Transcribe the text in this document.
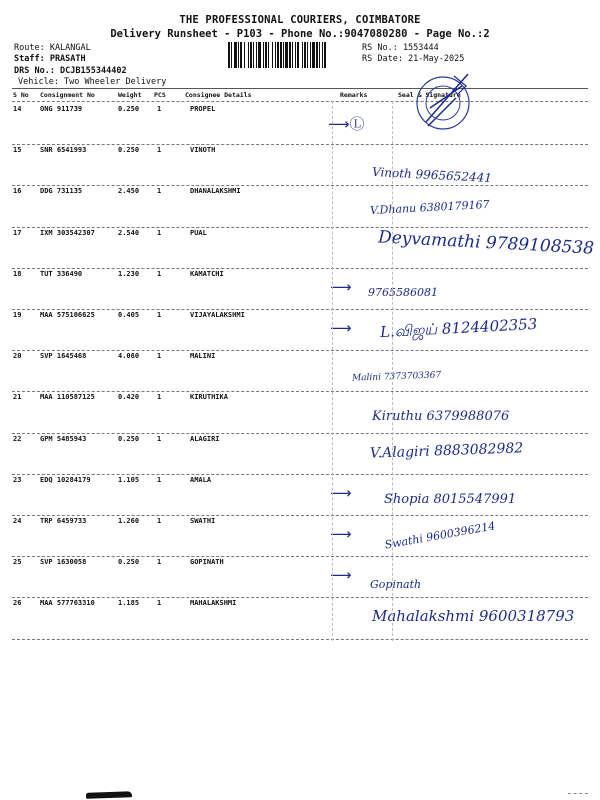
THE PROFESSIONAL COURIERS, COIMBATORE
Delivery Runsheet - P103 - Phone No.:9047080280 - Page No.:2
Route: KALANGAL
Staff: PRASATH
DRS No.: DCJB155344402
Vehicle: Two Wheeler Delivery
RS No.: 1553444
RS Date: 21-May-2025
S No Consignment No	Weight PCS	Consignee Details	Remarks	Seal & Signature
14	ONG 911739	0.250	1	PROPEL
⟶Ⓛ
15	SNR 6541993	0.250	1	VINOTH
Vinoth 9965652441
16	DDG 731135	2.450	1	DHANALAKSHMI
V.Dhanu 6380179167
17	IXM 303542307	2.540	1	PUAL	Deyvamathi 9789108538
18	TUT 336490	1.230	1	KAMATCHI
⟶ 9765586081
19	MAA 575106625	0.405	1	VIJAYALAKSHMI
⟶ L.விஜய் 8124402353
20	SVP 1645468	4.060	1	MALINI
Malini 7373703367
21	MAA 110587125	0.420	1	KIRUTHIKA
Kiruthu 6379988076
22	GPM 5485943	0.250	1	ALAGIRI
V.Alagiri 8883082982
23	EDQ 10284179	1.105	1	AMALA
⟶ Shopia 8015547991
24	TRP 6459733	1.260	1	SWATHI
⟶	Swathi 9600396214
25	SVP 1630058	0.250	1	GOPINATH
⟶
Gopinath
26	MAA 577763310	1.185	1	MAHALAKSHMI
Mahalakshmi 9600318793
